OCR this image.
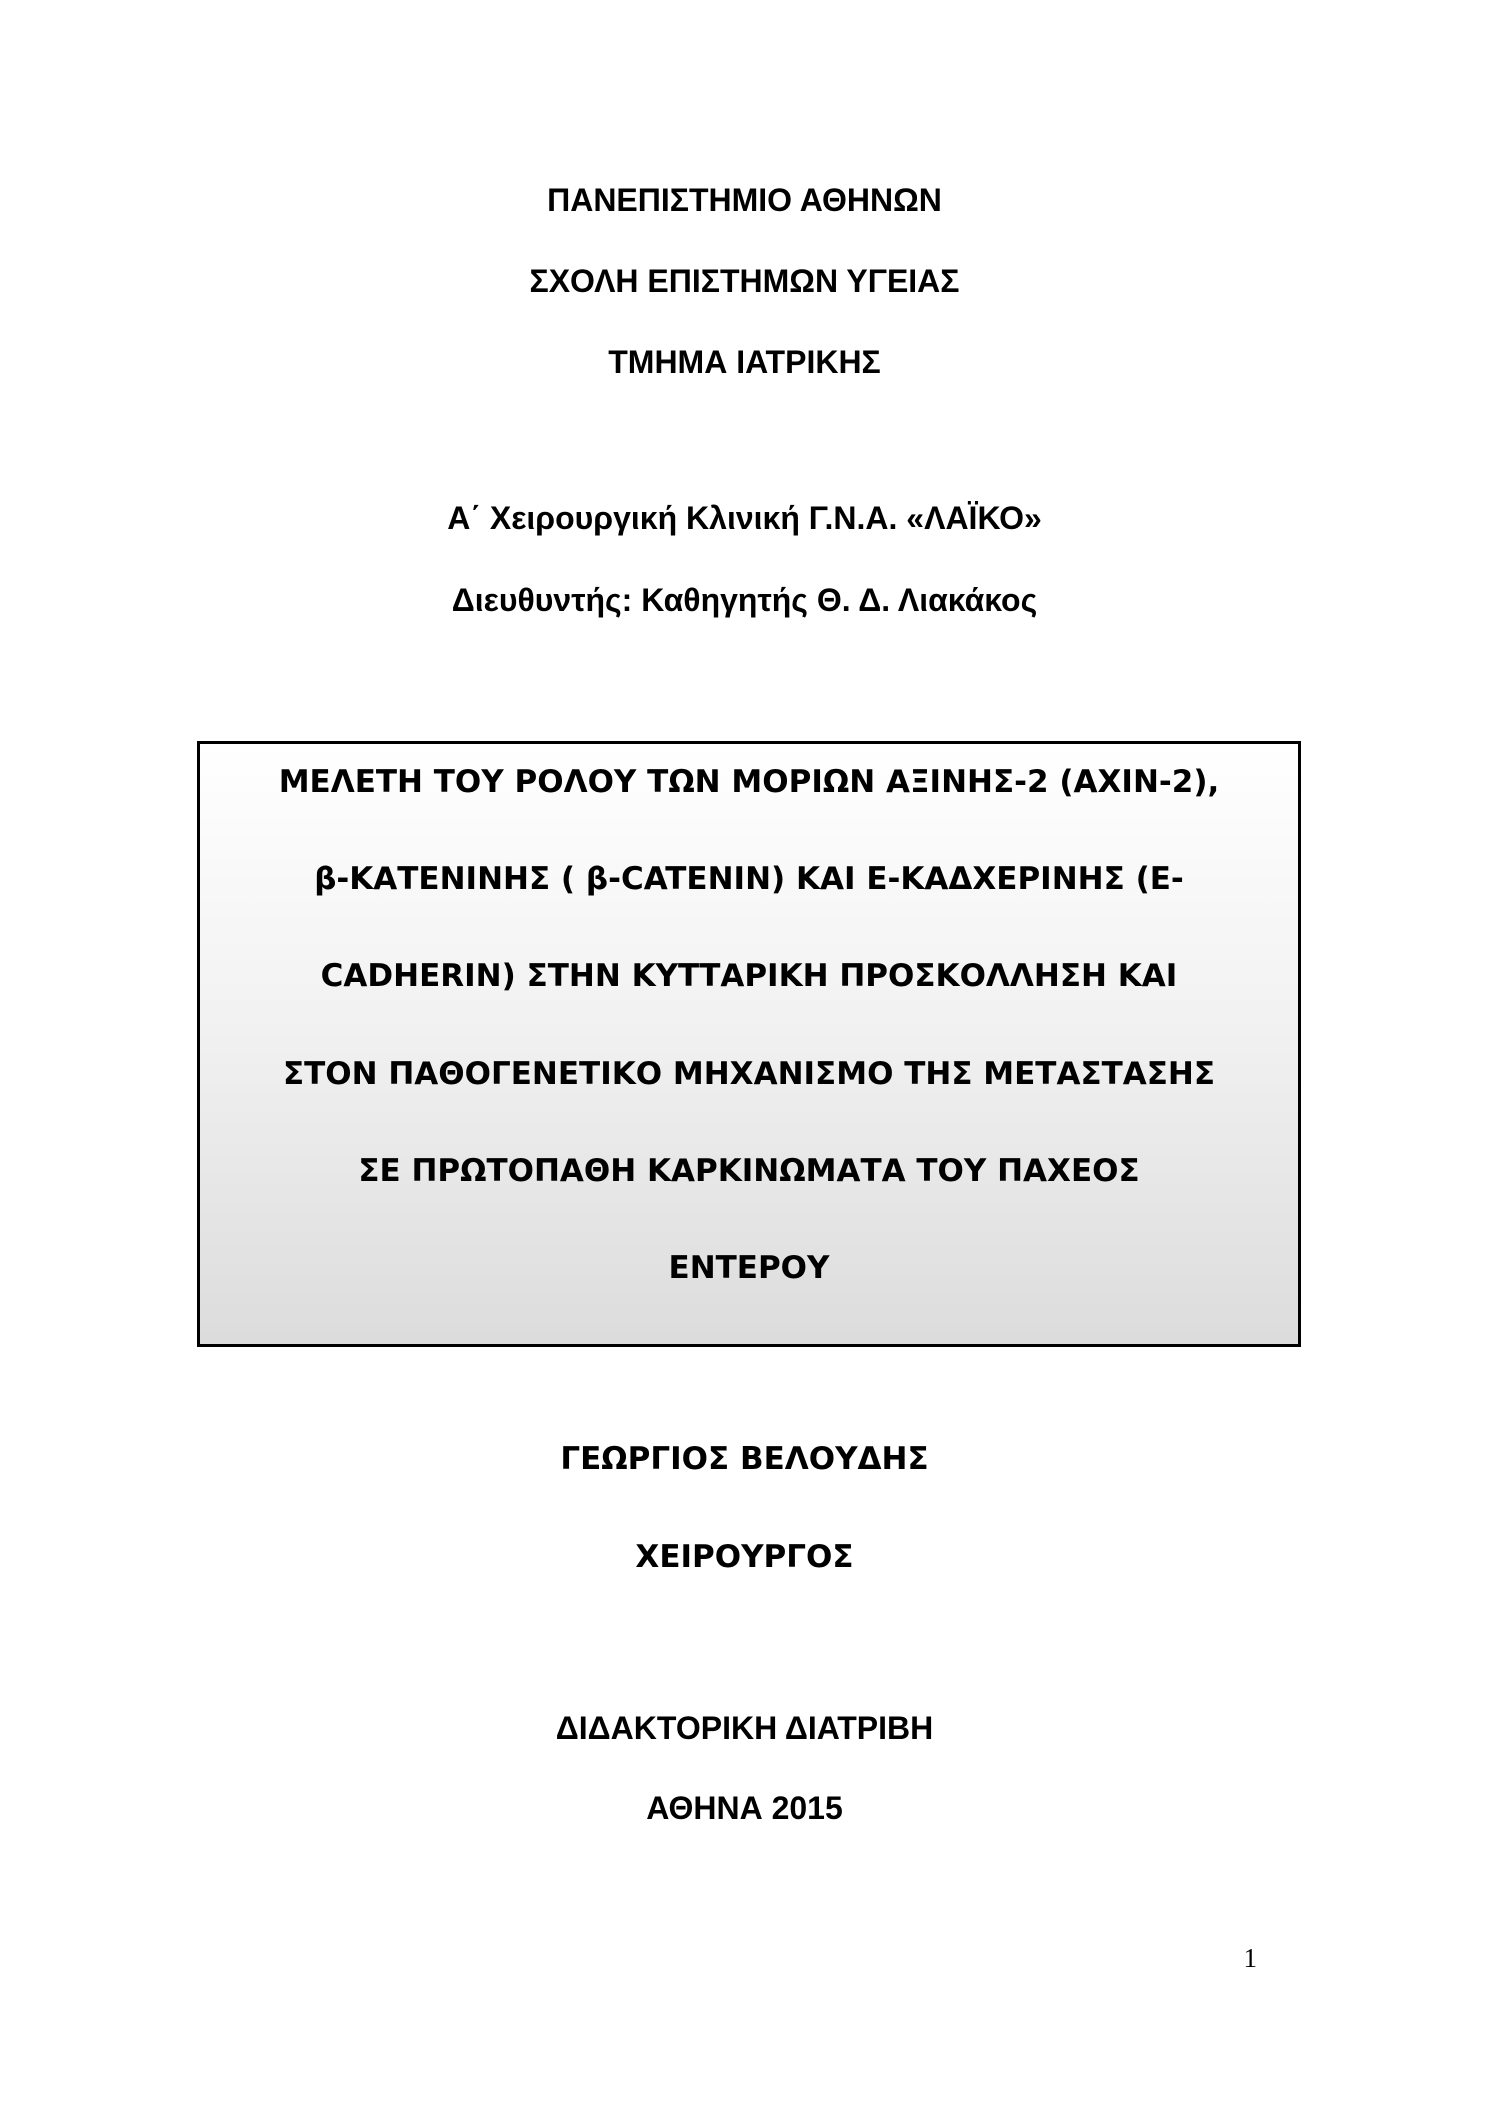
ΠΑΝΕΠΙΣΤΗΜΙΟ ΑΘΗΝΩΝ
ΣΧΟΛΗ ΕΠΙΣΤΗΜΩΝ ΥΓΕΙΑΣ
ΤΜΗΜΑ ΙΑΤΡΙΚΗΣ
Α΄ Χειρουργική Κλινική Γ.Ν.Α. «ΛΑΪΚΟ»
Διευθυντής: Καθηγητής Θ. Δ. Λιακάκος
ΜΕΛΕΤΗ ΤΟΥ ΡΟΛΟΥ ΤΩΝ ΜΟΡΙΩΝ ΑΞΙΝΗΣ-2 (AXIN-2),
β-ΚΑΤΕΝΙΝΗΣ ( β-CATENIN) ΚΑΙ Ε-ΚΑΔΧΕΡΙΝΗΣ (E-
CADHERIN) ΣΤΗΝ ΚΥΤΤΑΡΙΚΗ ΠΡΟΣΚΟΛΛΗΣΗ ΚΑΙ
ΣΤΟΝ ΠΑΘΟΓΕΝΕΤΙΚΟ ΜΗΧΑΝΙΣΜΟ ΤΗΣ ΜΕΤΑΣΤΑΣΗΣ
ΣΕ ΠΡΩΤΟΠΑΘΗ ΚΑΡΚΙΝΩΜΑΤΑ ΤΟΥ ΠΑΧΕΟΣ
ΕΝΤΕΡΟΥ
ΓΕΩΡΓΙΟΣ ΒΕΛΟΥΔΗΣ
ΧΕΙΡΟΥΡΓΟΣ
ΔΙΔΑΚΤΟΡΙΚΗ ΔΙΑΤΡΙΒΗ
ΑΘΗΝΑ 2015
1
